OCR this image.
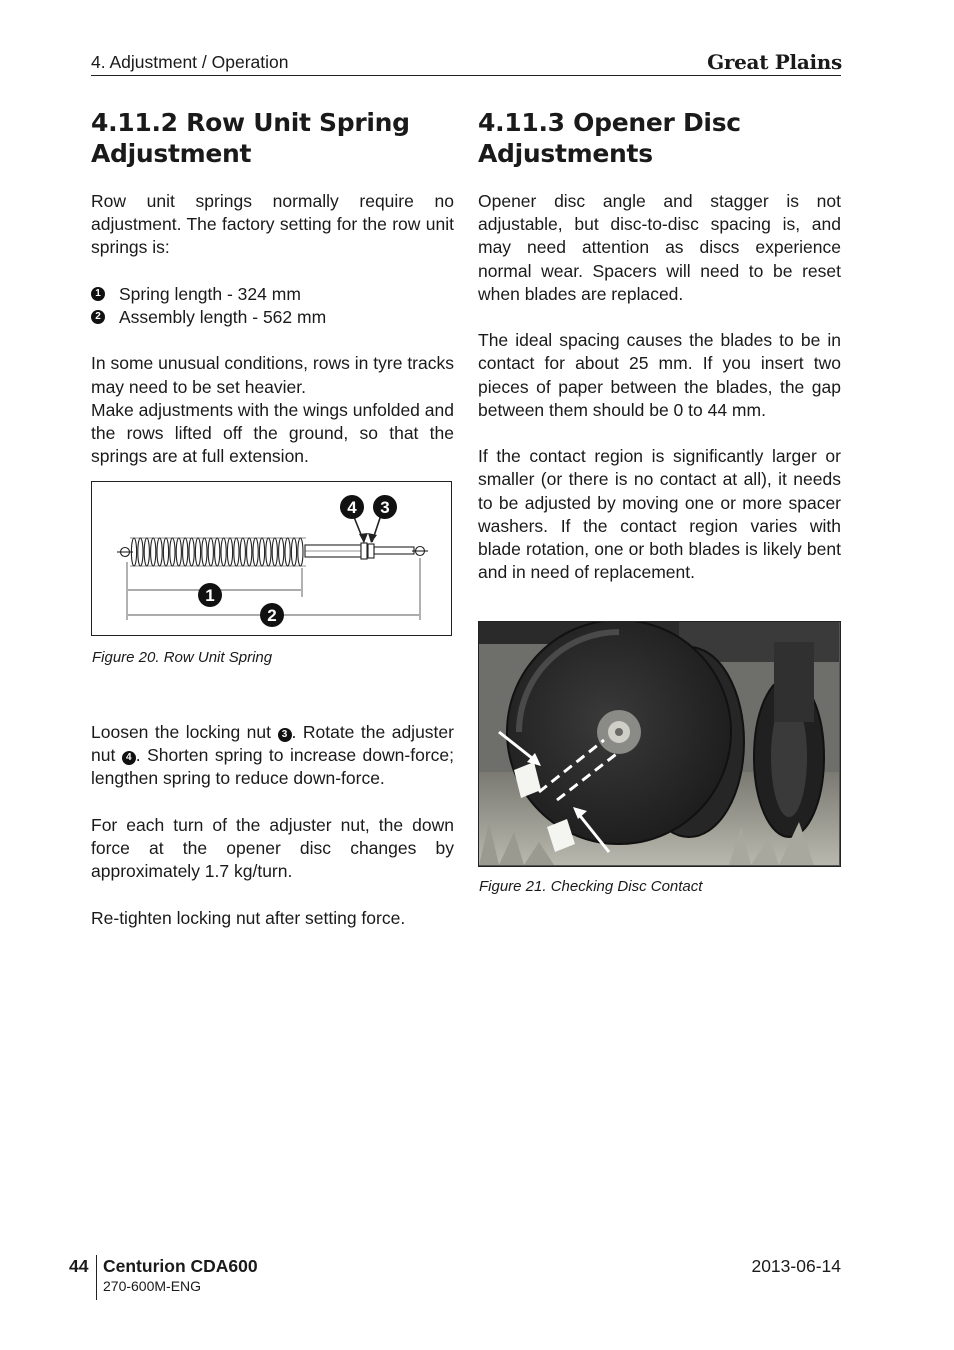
4. Adjustment / Operation	Great Plains
4.11.2 Row Unit Spring Adjustment
4.11.3 Opener Disc Adjustments

Row unit springs normally require no adjustment. The factory setting for the row unit springs is:

1 Spring length - 324 mm
2 Assembly length - 562 mm

In some unusual conditions, rows in tyre tracks may need to be set heavier.

Make adjustments with the wings unfolded and the rows lifted off the ground, so that the springs are at full extension.

1
2
4 3
Figure 20. Row Unit Spring

Loosen the locking nut 3 . Rotate the adjuster nut 4 . Shorten spring to increase down-force; lengthen spring to reduce down-force.

For each turn of the adjuster nut, the down force at the opener disc changes by approximately 1.7 kg/turn.

Re-tighten locking nut after setting force.

Opener disc angle and stagger is not adjustable, but disc-to-disc spacing is, and may need attention as discs experience normal wear. Spacers will need to be reset when blades are replaced.

The ideal spacing causes the blades to be in contact for about 25 mm. If you insert two pieces of paper between the blades, the gap between them should be 0 to 44 mm.

If the contact region is significantly larger or smaller (or there is no contact at all), it needs to be adjusted by moving one or more spacer washers. If the contact region varies with blade rotation, one or both blades is likely bent and in need of replacement.

Figure 21. Checking Disc Contact
44 Centurion CDA600
270-600M-ENG
2013-06-14
